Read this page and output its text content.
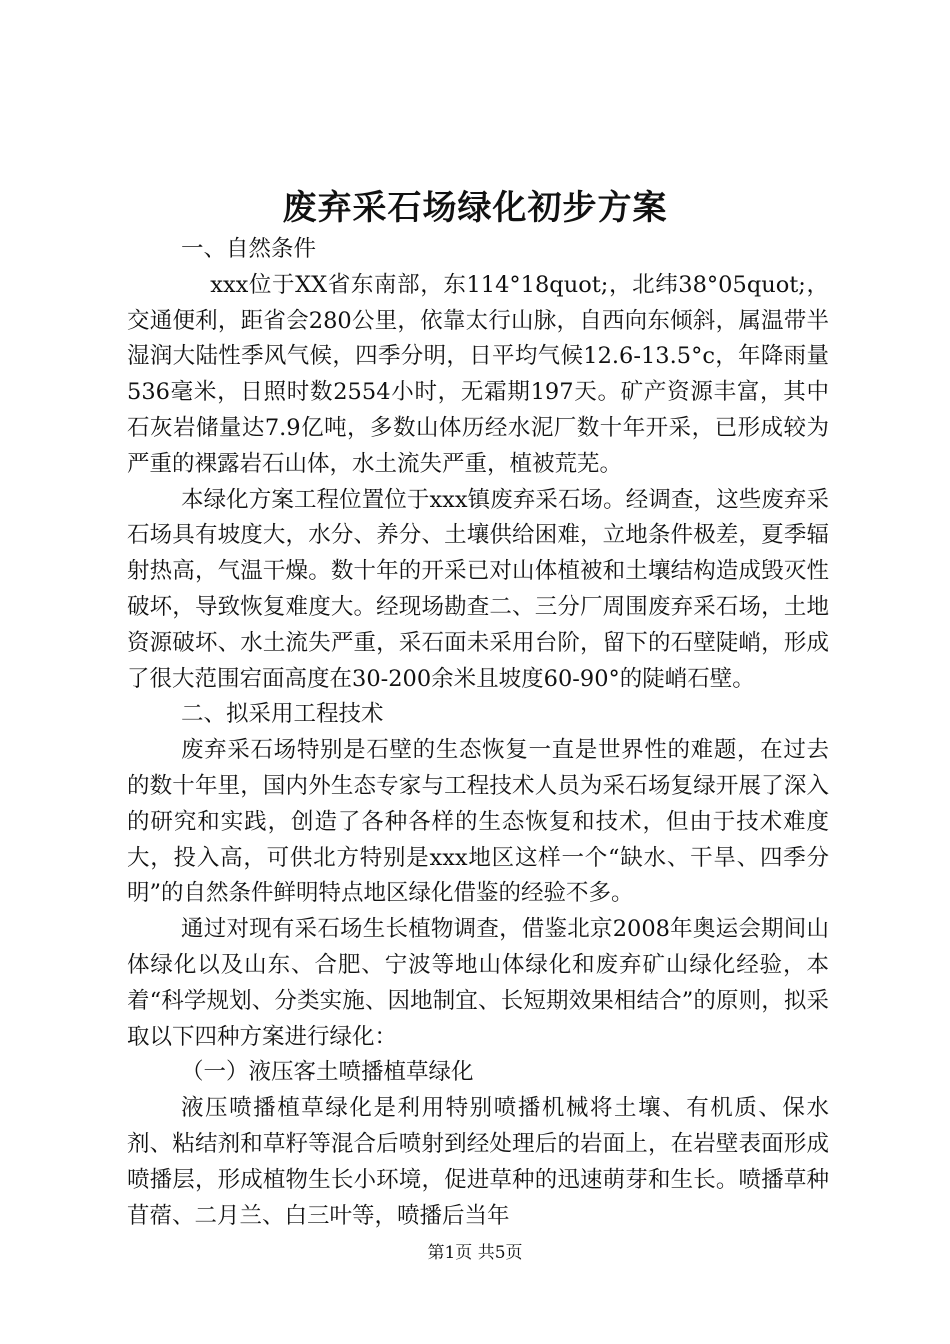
废弃采石场绿化初步方案

一、自然条件

xxx位于XX省东南部，东114°18quot;，北纬38°05quot;，交通便利，距省会280公里，依靠太行山脉，自西向东倾斜，属温带半湿润大陆性季风气候，四季分明，日平均气候12.6-13.5°c，年降雨量536毫米，日照时数2554小时，无霜期197天。矿产资源丰富，其中石灰岩储量达7.9亿吨，多数山体历经水泥厂数十年开采，已形成较为严重的裸露岩石山体，水土流失严重，植被荒芜。

本绿化方案工程位置位于xxx镇废弃采石场。经调查，这些废弃采石场具有坡度大，水分、养分、土壤供给困难，立地条件极差，夏季辐射热高，气温干燥。数十年的开采已对山体植被和土壤结构造成毁灭性破坏，导致恢复难度大。经现场勘查二、三分厂周围废弃采石场，土地资源破坏、水土流失严重，采石面未采用台阶，留下的石壁陡峭，形成了很大范围宕面高度在30-200余米且坡度60-90°的陡峭石壁。

二、拟采用工程技术

废弃采石场特别是石壁的生态恢复一直是世界性的难题，在过去的数十年里，国内外生态专家与工程技术人员为采石场复绿开展了深入的研究和实践，创造了各种各样的生态恢复和技术，但由于技术难度大，投入高，可供北方特别是xxx地区这样一个“缺水、干旱、四季分明”的自然条件鲜明特点地区绿化借鉴的经验不多。

通过对现有采石场生长植物调查，借鉴北京2008年奥运会期间山体绿化以及山东、合肥、宁波等地山体绿化和废弃矿山绿化经验，本着“科学规划、分类实施、因地制宜、长短期效果相结合”的原则，拟采取以下四种方案进行绿化：

（一）液压客土喷播植草绿化

液压喷播植草绿化是利用特别喷播机械将土壤、有机质、保水剂、粘结剂和草籽等混合后喷射到经处理后的岩面上，在岩壁表面形成喷播层，形成植物生长小环境，促进草种的迅速萌芽和生长。喷播草种苜蓿、二月兰、白三叶等，喷播后当年

第1页 共5页
